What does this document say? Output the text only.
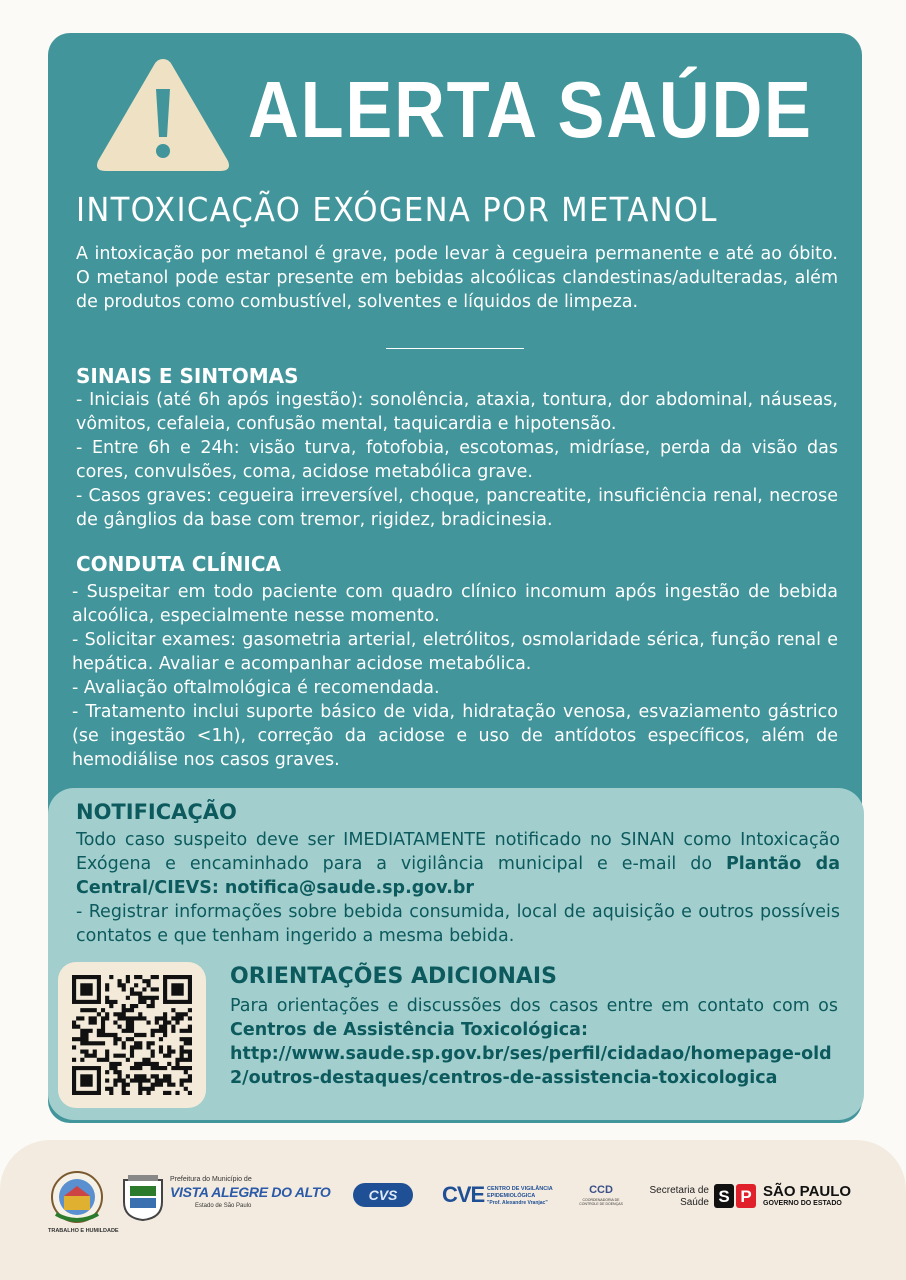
ALERTA SAÚDE
INTOXICAÇÃO EXÓGENA POR METANOL

A intoxicação por metanol é grave, pode levar à cegueira permanente e até ao óbito. O metanol pode estar presente em bebidas alcoólicas clandestinas/adulteradas, além de produtos como combustível, solventes e líquidos de limpeza.

SINAIS E SINTOMAS

- Iniciais (até 6h após ingestão): sonolência, ataxia, tontura, dor abdominal, náuseas, vômitos, cefaleia, confusão mental, taquicardia e hipotensão.

- Entre 6h e 24h: visão turva, fotofobia, escotomas, midríase, perda da visão das cores, convulsões, coma, acidose metabólica grave.

- Casos graves: cegueira irreversível, choque, pancreatite, insuficiência renal, necrose de gânglios da base com tremor, rigidez, bradicinesia.

CONDUTA CLÍNICA

- Suspeitar em todo paciente com quadro clínico incomum após ingestão de bebida alcoólica, especialmente nesse momento.

- Solicitar exames: gasometria arterial, eletrólitos, osmolaridade sérica, função renal e hepática. Avaliar e acompanhar acidose metabólica.

- Avaliação oftalmológica é recomendada.

- Tratamento inclui suporte básico de vida, hidratação venosa, esvaziamento gástrico (se ingestão <1h), correção da acidose e uso de antídotos específicos, além de hemodiálise nos casos graves.

NOTIFICAÇÃO

Todo caso suspeito deve ser IMEDIATAMENTE notificado no SINAN como Intoxicação Exógena e encaminhado para a vigilância municipal e e-mail do Plantão da Central/CIEVS: notifica@saude.sp.gov.br

- Registrar informações sobre bebida consumida, local de aquisição e outros possíveis contatos e que tenham ingerido a mesma bebida.

ORIENTAÇÕES ADICIONAIS
Para orientações e discussões dos casos entre em contato com os Centros de Assistência Toxicológica:
http://www.saude.sp.gov.br/ses/perfil/cidadao/homepage-old2/outros-destaques/centros-de-assistencia-toxicologica
TRABALHO E HUMILDADE
Prefeitura do Município de
VISTA ALEGRE DO ALTO
Estado de São Paulo
CVS	CVE CENTRO DE VIGILÂNCIA EPIDEMIOLÓGICA
"Prof. Alexandre Vranjac"
CCD
COORDENADORIA DE CONTROLE DE DOENÇAS
Secretaria de
Saúde S P SÃO PAULO
GOVERNO DO ESTADO
